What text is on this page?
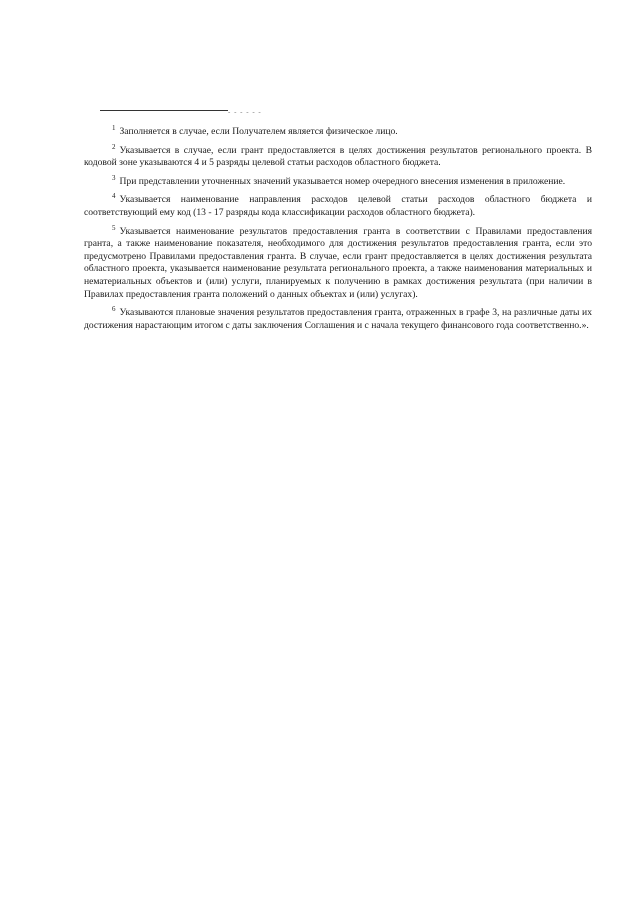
- - - - - -

$^1$ Заполняется в случае, если Получателем является физическое лицо.

$^2$ Указывается в случае, если грант предоставляется в целях достижения результатов регионального проекта. В кодовой зоне указываются 4 и 5 разряды целевой статьи расходов областного бюджета.

$^3$ При представлении уточненных значений указывается номер очередного внесения изменения в приложение.

$^4$ Указывается наименование направления расходов целевой статьи расходов областного бюджета и соответствующий ему код (13 - 17 разряды кода классификации расходов областного бюджета).

$^5$ Указывается наименование результатов предоставления гранта в соответствии с Правилами предоставления гранта, а также наименование показателя, необходимого для достижения результатов предоставления гранта, если это предусмотрено Правилами предоставления гранта. В случае, если грант предоставляется в целях достижения результата областного проекта, указывается наименование результата регионального проекта, а также наименования материальных и нематериальных объектов и (или) услуги, планируемых к получению в рамках достижения результата (при наличии в Правилах предоставления гранта положений о данных объектах и (или) услугах).

$^6$ Указываются плановые значения результатов предоставления гранта, отраженных в графе 3, на различные даты их достижения нарастающим итогом с даты заключения Соглашения и с начала текущего финансового года соответственно.».
